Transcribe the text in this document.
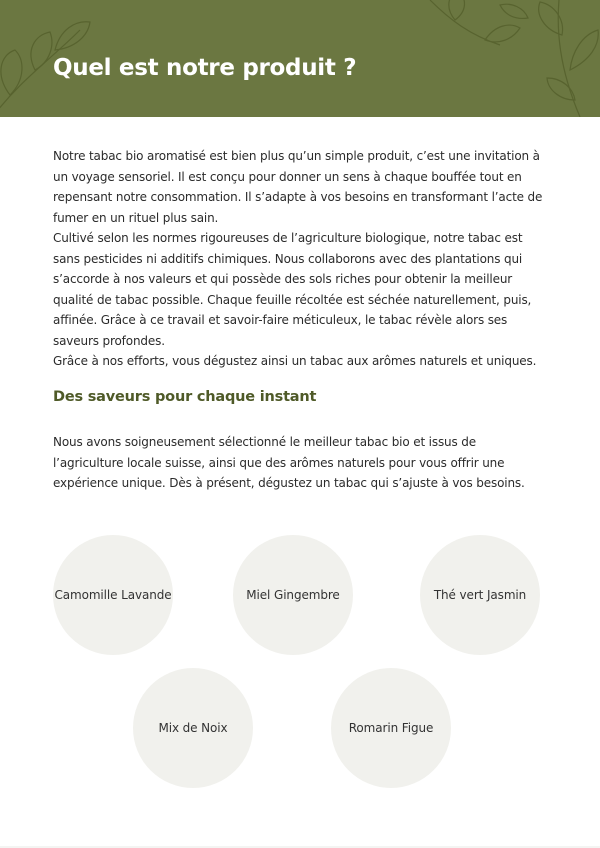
Quel est notre produit ?

Notre tabac bio aromatisé est bien plus qu’un simple produit, c’est une invitation à un voyage sensoriel. Il est conçu pour donner un sens à chaque bouffée tout en repensant notre consommation. Il s’adapte à vos besoins en transformant l’acte de fumer en un rituel plus sain.

Cultivé selon les normes rigoureuses de l’agriculture biologique, notre tabac est sans pesticides ni additifs chimiques. Nous collaborons avec des plantations qui s’accorde à nos valeurs et qui possède des sols riches pour obtenir la meilleur qualité de tabac possible. Chaque feuille récoltée est séchée naturellement, puis, affinée. Grâce à ce travail et savoir-faire méticuleux, le tabac révèle alors ses saveurs profondes.

Grâce à nos efforts, vous dégustez ainsi un tabac aux arômes naturels et uniques.

Des saveurs pour chaque instant

Nous avons soigneusement sélectionné le meilleur tabac bio et issus de l’agriculture locale suisse, ainsi que des arômes naturels pour vous offrir une expérience unique. Dès à présent, dégustez un tabac qui s’ajuste à vos besoins.

Camomille Lavande	Miel Gingembre	Thé vert Jasmin
Mix de Noix	Romarin Figue
